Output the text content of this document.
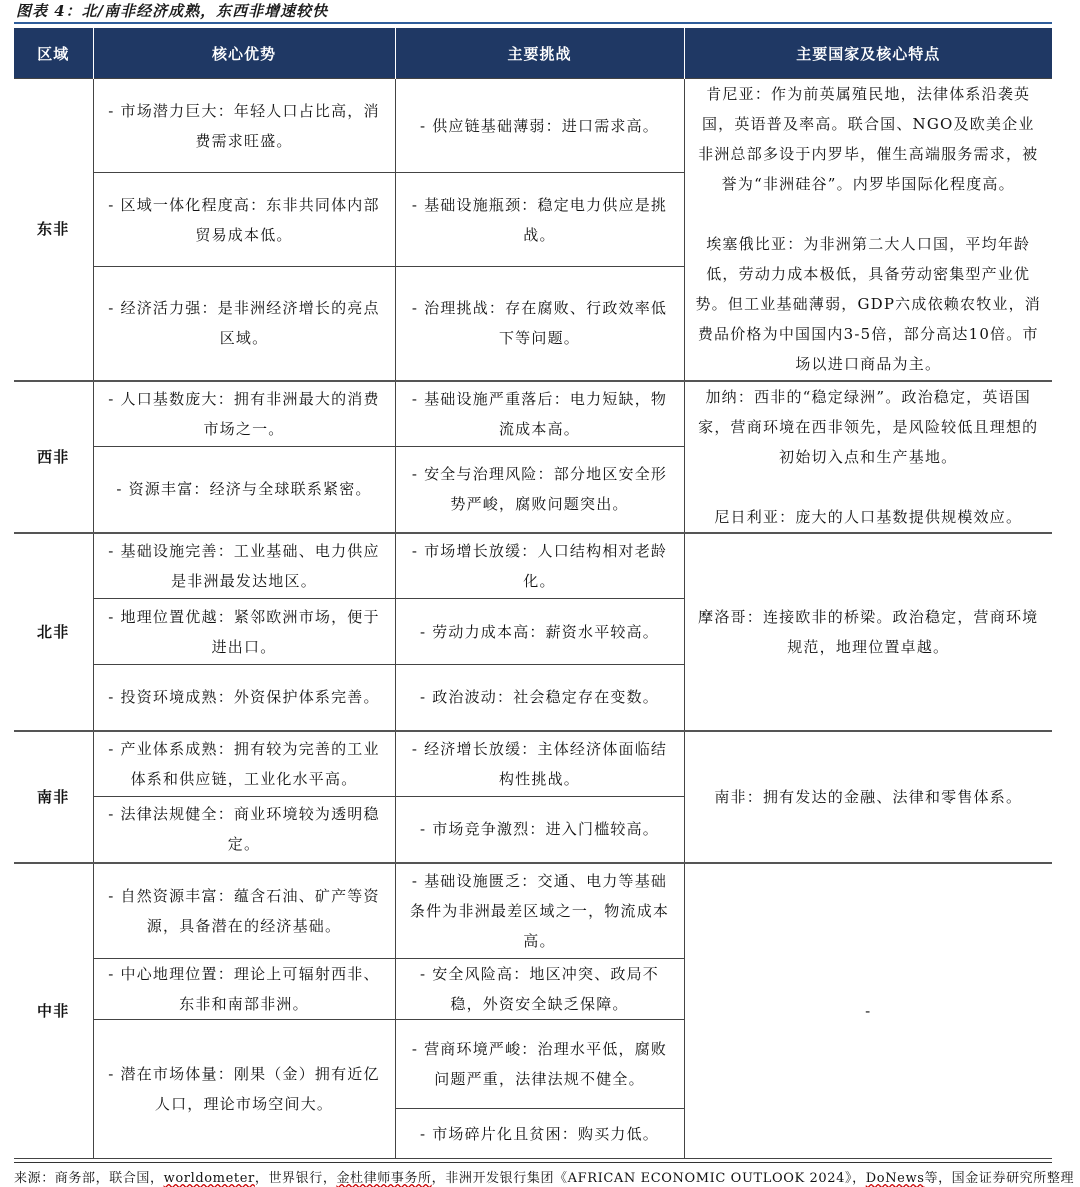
图表 4：北/南非经济成熟，东西非增速较快
区域	核心优势	主要挑战	主要国家及核心特点
东非	- 市场潜力巨大：年轻人口占比高，消费需求旺盛。	- 供应链基础薄弱：进口需求高。	肯尼亚：作为前英属殖民地，法律体系沿袭英国，英语普及率高。联合国、NGO及欧美企业非洲总部多设于内罗毕，催生高端服务需求，被誉为“非洲硅谷”。内罗毕国际化程度高。
埃塞俄比亚：为非洲第二大人口国，平均年龄低，劳动力成本极低，具备劳动密集型产业优势。但工业基础薄弱，GDP六成依赖农牧业，消费品价格为中国国内3-5倍，部分高达10倍。市场以进口商品为主。

	- 区域一体化程度高：东非共同体内部贸易成本低。	- 基础设施瓶颈：稳定电力供应是挑战。	
	- 经济活力强：是非洲经济增长的亮点区域。	- 治理挑战：存在腐败、行政效率低下等问题。	
西非	- 人口基数庞大：拥有非洲最大的消费市场之一。	- 基础设施严重落后：电力短缺，物流成本高。	加纳：西非的“稳定绿洲”。政治稳定，英语国家，营商环境在西非领先，是风险较低且理想的初始切入点和生产基地。
尼日利亚：庞大的人口基数提供规模效应。

	- 资源丰富：经济与全球联系紧密。	- 安全与治理风险：部分地区安全形势严峻，腐败问题突出。	
北非	- 基础设施完善：工业基础、电力供应是非洲最发达地区。	- 市场增长放缓：人口结构相对老龄化。	摩洛哥：连接欧非的桥梁。政治稳定，营商环境规范，地理位置卓越。

	- 地理位置优越：紧邻欧洲市场，便于进出口。	- 劳动力成本高：薪资水平较高。	
	- 投资环境成熟：外资保护体系完善。	- 政治波动：社会稳定存在变数。	
南非	- 产业体系成熟：拥有较为完善的工业体系和供应链，工业化水平高。	- 经济增长放缓：主体经济体面临结构性挑战。	南非：拥有发达的金融、法律和零售体系。

	- 法律法规健全：商业环境较为透明稳定。	- 市场竞争激烈：进入门槛较高。	
中非	- 自然资源丰富：蕴含石油、矿产等资源，具备潜在的经济基础。	- 基础设施匮乏：交通、电力等基础条件为非洲最差区域之一，物流成本高。	-

	- 中心地理位置：理论上可辐射西非、东非和南部非洲。	- 安全风险高：地区冲突、政局不稳，外资安全缺乏保障。	
	- 潜在市场体量：刚果（金）拥有近亿人口，理论市场空间大。	- 营商环境严峻：治理水平低，腐败问题严重，法律法规不健全。	
		- 市场碎片化且贫困：购买力低。	
来源：商务部，联合国，worldometer，世界银行，金杜律师事务所，非洲开发银行集团《AFRICAN ECONOMIC OUTLOOK 2024》，DoNews等，国金证券研究所整理
